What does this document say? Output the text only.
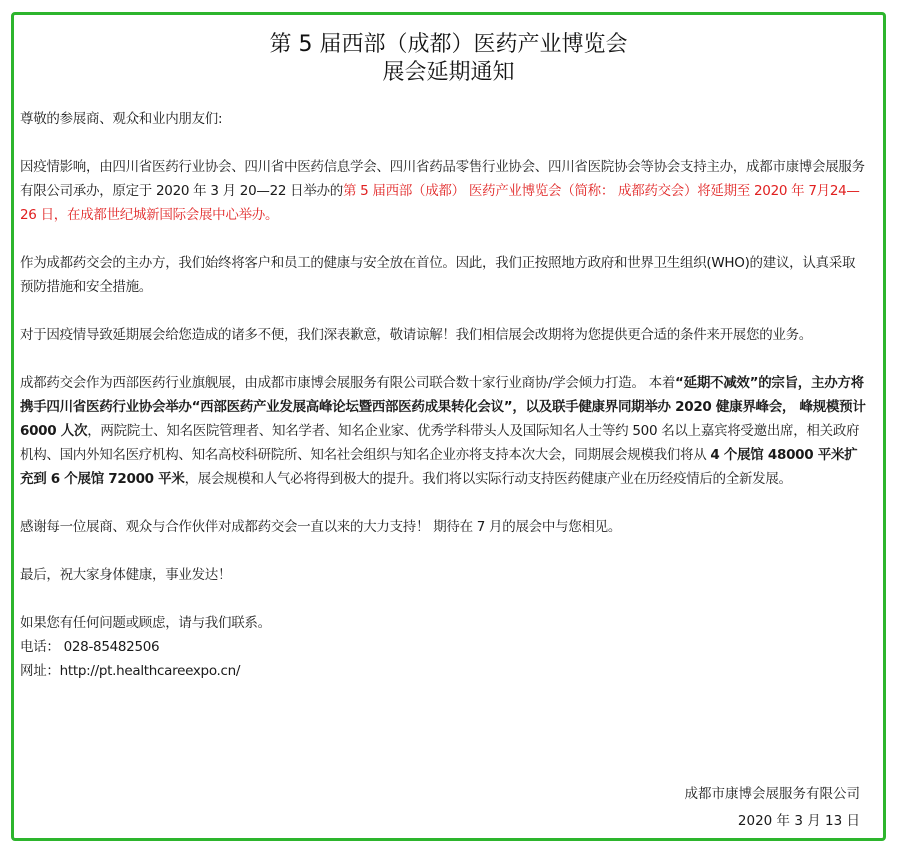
第 5 届西部（成都）医药产业博览会
展会延期通知

尊敬的参展商、观众和业内朋友们:

因疫情影响，由四川省医药行业协会、四川省中医药信息学会、四川省药品零售行业协会、四川省医院协会等协会支持主办，成都市康博会展服务有限公司承办，原定于 2020 年 3 月 20—22 日举办的第 5 届西部（成都） 医药产业博览会（简称： 成都药交会）将延期至 2020 年 7月24—26 日，在成都世纪城新国际会展中心举办。

作为成都药交会的主办方，我们始终将客户和员工的健康与安全放在首位。因此，我们正按照地方政府和世界卫生组织(WHO)的建议，认真采取预防措施和安全措施。

对于因疫情导致延期展会给您造成的诸多不便，我们深表歉意，敬请谅解！我们相信展会改期将为您提供更合适的条件来开展您的业务。

成都药交会作为西部医药行业旗舰展，由成都市康博会展服务有限公司联合数十家行业商协/学会倾力打造。 本着“延期不减效”的宗旨，主办方将携手四川省医药行业协会举办“西部医药产业发展高峰论坛暨西部医药成果转化会议”，以及联手健康界同期举办 2020 健康界峰会， 峰规模预计 6000 人次，两院院士、知名医院管理者、知名学者、知名企业家、优秀学科带头人及国际知名人士等约 500 名以上嘉宾将受邀出席，相关政府机构、国内外知名医疗机构、知名高校科研院所、知名社会组织与知名企业亦将支持本次大会，同期展会规模我们将从 4 个展馆 48000 平米扩充到 6 个展馆 72000 平米，展会规模和人气必将得到极大的提升。我们将以实际行动支持医药健康产业在历经疫情后的全新发展。

感谢每一位展商、观众与合作伙伴对成都药交会一直以来的大力支持！ 期待在 7 月的展会中与您相见。

最后，祝大家身体健康，事业发达！

如果您有任何问题或顾虑，请与我们联系。

电话： 028-85482506

网址：http://pt.healthcareexpo.cn/

成都市康博会展服务有限公司
2020 年 3 月 13 日
